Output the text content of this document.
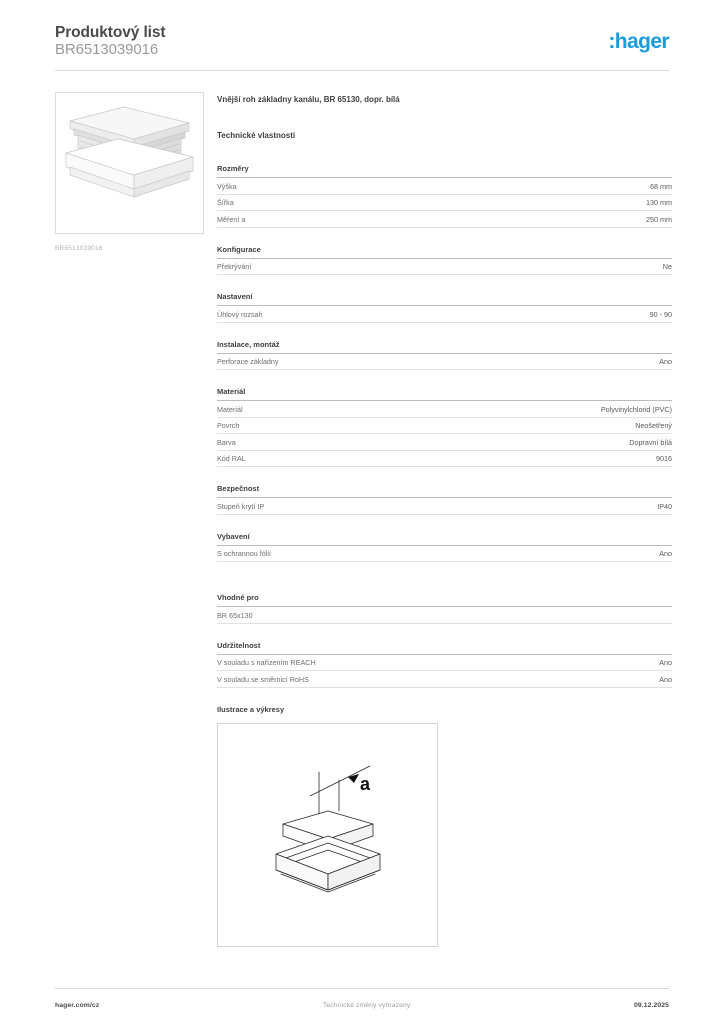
Produktový list
BR6513039016	:hager
BR6513039016
Vnější roh základny kanálu, BR 65130, dopr. bílá
Technické vlastnosti
Rozměry
Výška	68 mm
Šířka	130 mm
Měření a	250 mm
Konfigurace
Překrývání	Ne
Nastavení
Úhlový rozsah	90 - 90
Instalace, montáž
Perforace základny	Ano
Materiál
Materiál	Polyvinylchlorid (PVC)
Povrch	Neošetřený
Barva	Dopravní bílá
Kód RAL	9016
Bezpečnost
Stupeň krytí IP	IP40
Vybavení
S ochrannou fólií	Ano
Vhodné pro
BR 65x130
Udržitelnost
V souladu s nařízením REACH	Ano
V souladu se směrnicí RoHS	Ano
Ilustrace a výkresy
a
hager.com/cz	Technické změny vyhrazeny	09.12.2025
